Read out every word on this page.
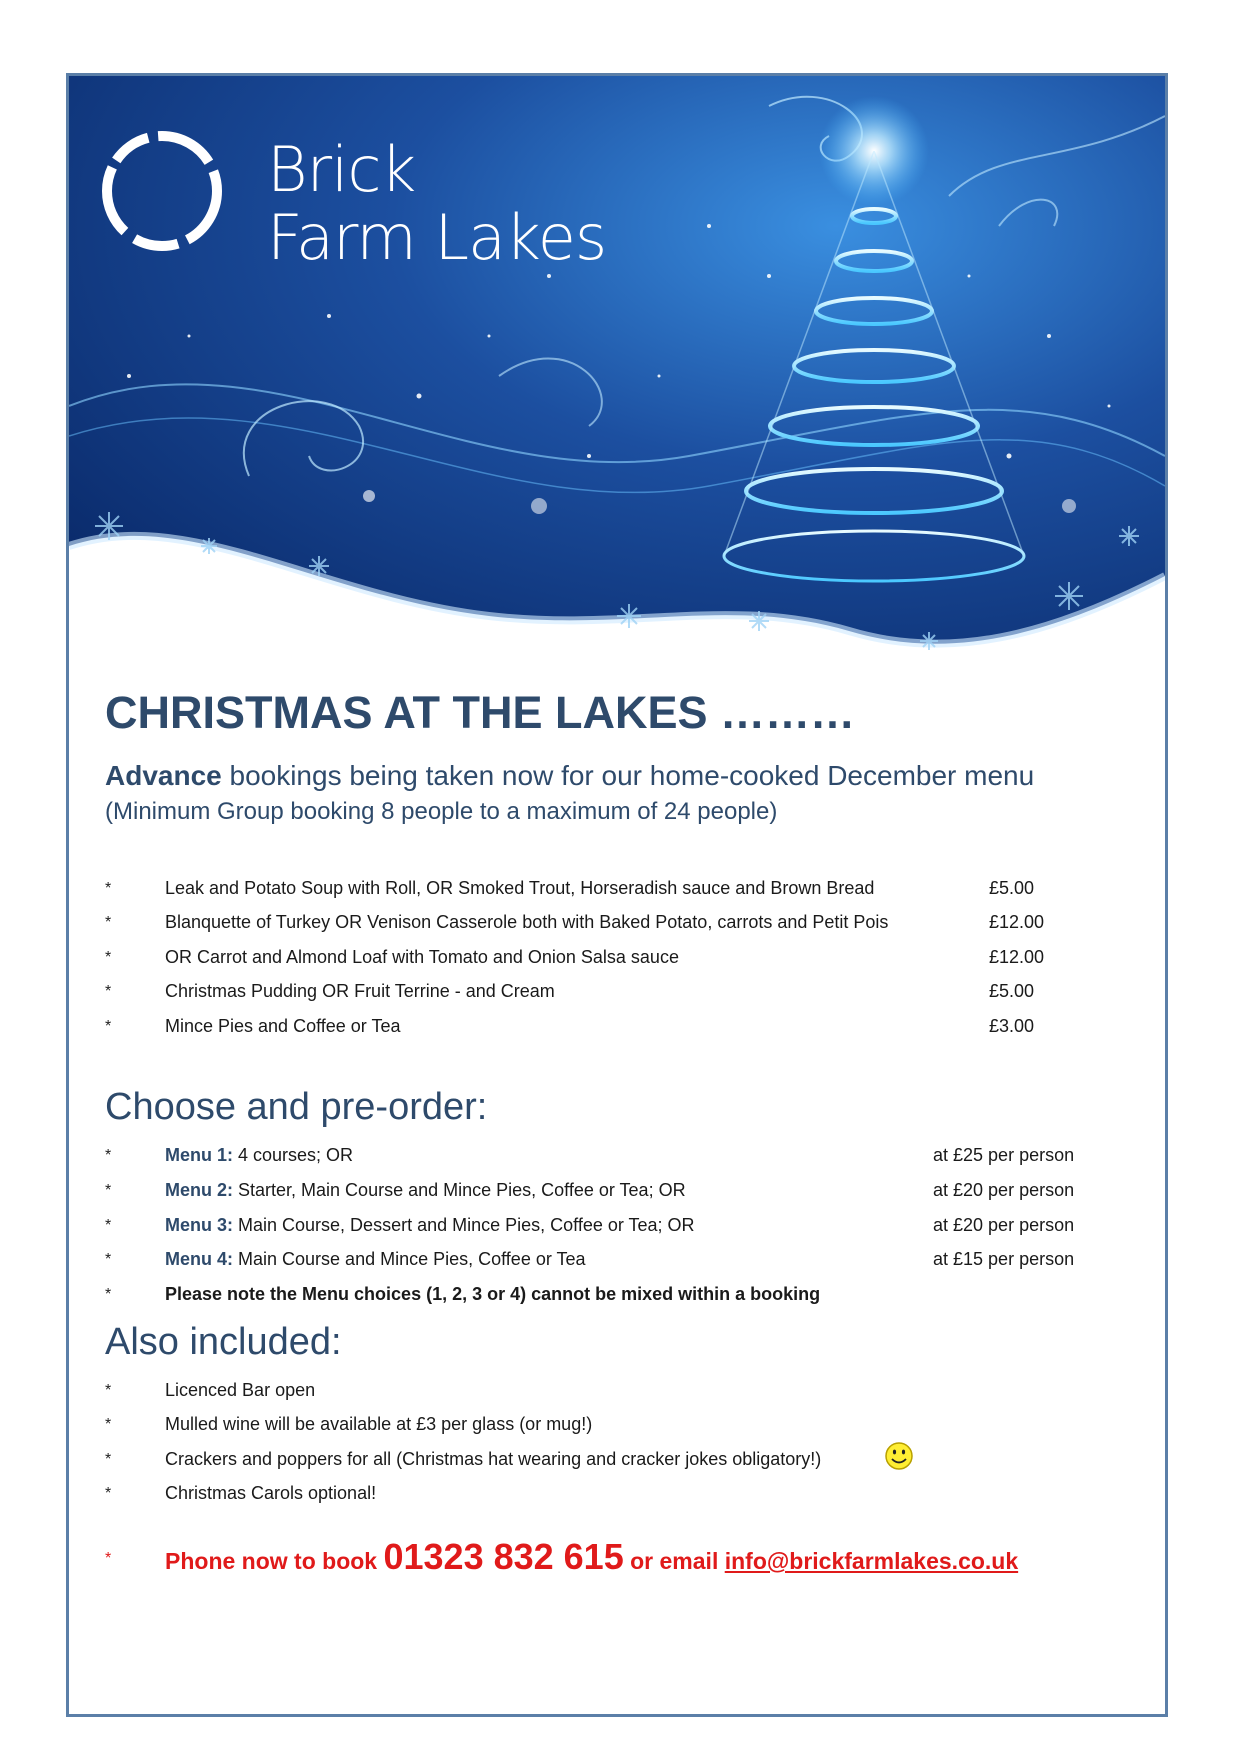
Brick
Farm Lakes
CHRISTMAS AT THE LAKES ………
Advance bookings being taken now for our home-cooked December menu
(Minimum Group booking 8 people to a maximum of 24 people)
*	Leak and Potato Soup with Roll, OR Smoked Trout, Horseradish sauce and Brown Bread	£5.00
*	Blanquette of Turkey OR Venison Casserole both with Baked Potato, carrots and Petit Pois	£12.00
*	OR Carrot and Almond Loaf with Tomato and Onion Salsa sauce	£12.00
*	Christmas Pudding OR Fruit Terrine - and Cream	£5.00
*	Mince Pies and Coffee or Tea	£3.00
Choose and pre-order:
*	Menu 1: 4 courses; OR	at £25 per person
*	Menu 2: Starter, Main Course and Mince Pies, Coffee or Tea; OR	at £20 per person
*	Menu 3: Main Course, Dessert and Mince Pies, Coffee or Tea; OR	at £20 per person
*	Menu 4: Main Course and Mince Pies, Coffee or Tea	at £15 per person
*	Please note the Menu choices (1, 2, 3 or 4) cannot be mixed within a booking
Also included:
*	Licenced Bar open
*	Mulled wine will be available at £3 per glass (or mug!)
*	Crackers and poppers for all (Christmas hat wearing and cracker jokes obligatory!)
*	Christmas Carols optional!
* Phone now to book 01323 832 615 or email info@brickfarmlakes.co.uk
